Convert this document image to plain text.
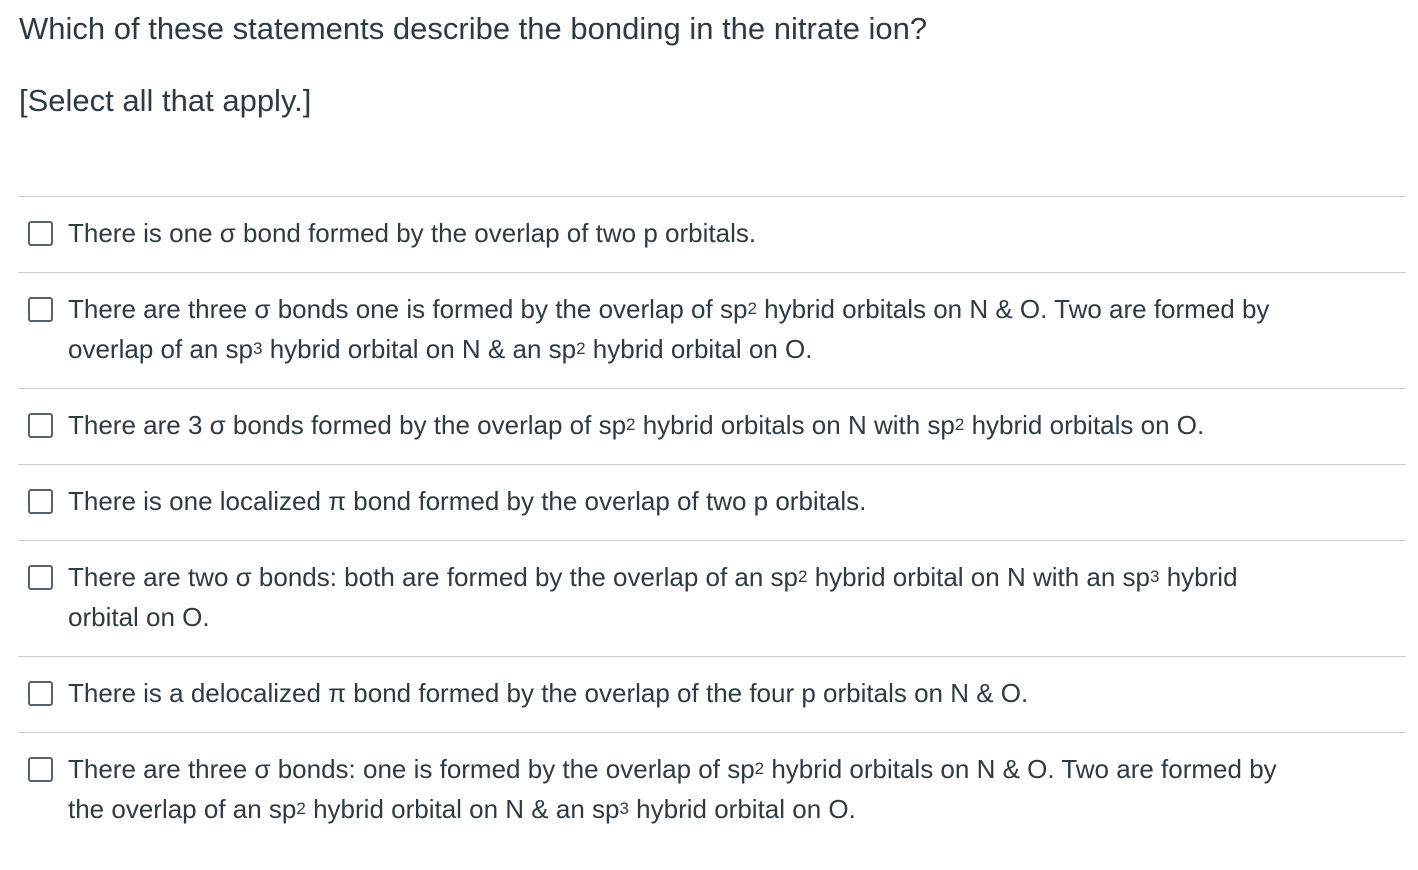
Which of these statements describe the bonding in the nitrate ion?

[Select all that apply.]

There is one σ bond formed by the overlap of two p orbitals.
There are three σ bonds one is formed by the overlap of $sp^2$ hybrid orbitals on N & O. Two are formed by
overlap of an $sp^3$ hybrid orbital on N & an $sp^2$ hybrid orbital on O.
There are 3 σ bonds formed by the overlap of $sp^2$ hybrid orbitals on N with $sp^2$ hybrid orbitals on O.
There is one localized π bond formed by the overlap of two p orbitals.
There are two σ bonds: both are formed by the overlap of an $sp^2$ hybrid orbital on N with an $sp^3$ hybrid
orbital on O.
There is a delocalized π bond formed by the overlap of the four p orbitals on N & O.
There are three σ bonds: one is formed by the overlap of $sp^2$ hybrid orbitals on N & O. Two are formed by
the overlap of an $sp^2$ hybrid orbital on N & an $sp^3$ hybrid orbital on O.
